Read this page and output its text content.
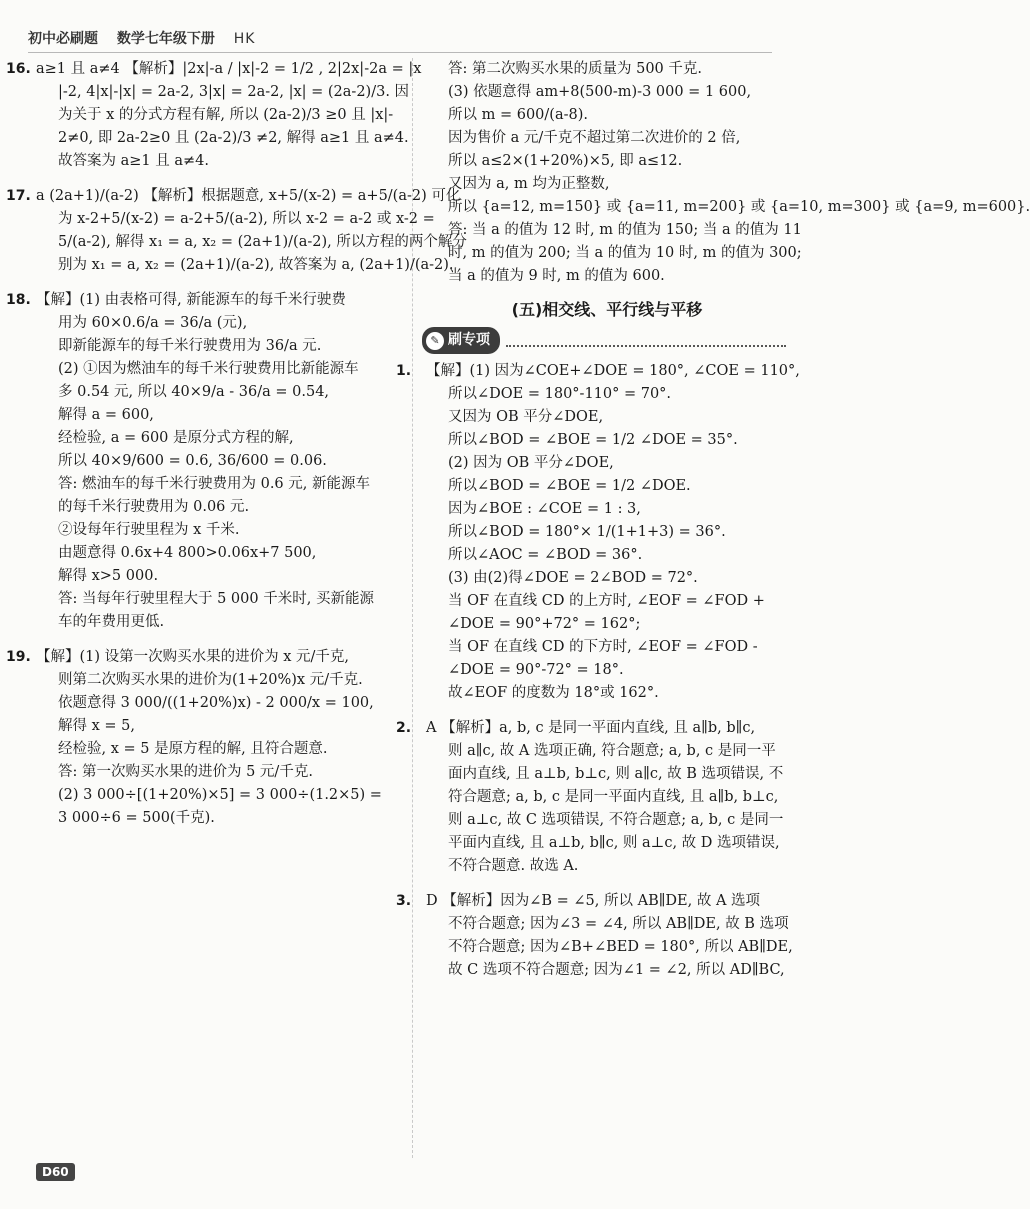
初中必刷题 数学七年级下册 HK
16. a≥1 且 a≠4 【解析】|2x|-a / |x|-2 = 1/2 , 2|2x|-2a = |x
|-2, 4|x|-|x| = 2a-2, 3|x| = 2a-2, |x| = (2a-2)/3. 因
为关于 x 的分式方程有解, 所以 (2a-2)/3 ≥0 且 |x|-
2≠0, 即 2a-2≥0 且 (2a-2)/3 ≠2, 解得 a≥1 且 a≠4.
故答案为 a≥1 且 a≠4.
17. a (2a+1)/(a-2) 【解析】根据题意, x+5/(x-2) = a+5/(a-2) 可化
为 x-2+5/(x-2) = a-2+5/(a-2), 所以 x-2 = a-2 或 x-2 =
5/(a-2), 解得 x₁ = a, x₂ = (2a+1)/(a-2), 所以方程的两个解分
别为 x₁ = a, x₂ = (2a+1)/(a-2), 故答案为 a, (2a+1)/(a-2).
18. 【解】(1) 由表格可得, 新能源车的每千米行驶费
用为 60×0.6/a = 36/a (元),
即新能源车的每千米行驶费用为 36/a 元.
(2) ①因为燃油车的每千米行驶费用比新能源车
多 0.54 元, 所以 40×9/a - 36/a = 0.54,
解得 a = 600,
经检验, a = 600 是原分式方程的解,
所以 40×9/600 = 0.6, 36/600 = 0.06.
答: 燃油车的每千米行驶费用为 0.6 元, 新能源车
的每千米行驶费用为 0.06 元.
②设每年行驶里程为 x 千米.
由题意得 0.6x+4 800>0.06x+7 500,
解得 x>5 000.
答: 当每年行驶里程大于 5 000 千米时, 买新能源
车的年费用更低.
19. 【解】(1) 设第一次购买水果的进价为 x 元/千克,
则第二次购买水果的进价为(1+20%)x 元/千克.
依题意得 3 000/((1+20%)x) - 2 000/x = 100,
解得 x = 5,
经检验, x = 5 是原方程的解, 且符合题意.
答: 第一次购买水果的进价为 5 元/千克.
(2) 3 000÷[(1+20%)×5] = 3 000÷(1.2×5) =
3 000÷6 = 500(千克).
答: 第二次购买水果的质量为 500 千克.
(3) 依题意得 am+8(500-m)-3 000 = 1 600,
所以 m = 600/(a-8).
因为售价 a 元/千克不超过第二次进价的 2 倍,
所以 a≤2×(1+20%)×5, 即 a≤12.
又因为 a, m 均为正整数,
所以 {a=12, m=150} 或 {a=11, m=200} 或 {a=10, m=300} 或 {a=9, m=600}.
答: 当 a 的值为 12 时, m 的值为 150; 当 a 的值为 11
时, m 的值为 200; 当 a 的值为 10 时, m 的值为 300;
当 a 的值为 9 时, m 的值为 600.
(五)相交线、平行线与平移
✎ 刷专项
1. 【解】(1) 因为∠COE+∠DOE = 180°, ∠COE = 110°,
所以∠DOE = 180°-110° = 70°.
又因为 OB 平分∠DOE,
所以∠BOD = ∠BOE = 1/2 ∠DOE = 35°.
(2) 因为 OB 平分∠DOE,
所以∠BOD = ∠BOE = 1/2 ∠DOE.
因为∠BOE : ∠COE = 1 : 3,
所以∠BOD = 180°× 1/(1+1+3) = 36°.
所以∠AOC = ∠BOD = 36°.
(3) 由(2)得∠DOE = 2∠BOD = 72°.
当 OF 在直线 CD 的上方时, ∠EOF = ∠FOD +
∠DOE = 90°+72° = 162°;
当 OF 在直线 CD 的下方时, ∠EOF = ∠FOD -
∠DOE = 90°-72° = 18°.
故∠EOF 的度数为 18°或 162°.
2. A 【解析】a, b, c 是同一平面内直线, 且 a∥b, b∥c,
则 a∥c, 故 A 选项正确, 符合题意; a, b, c 是同一平
面内直线, 且 a⊥b, b⊥c, 则 a∥c, 故 B 选项错误, 不
符合题意; a, b, c 是同一平面内直线, 且 a∥b, b⊥c,
则 a⊥c, 故 C 选项错误, 不符合题意; a, b, c 是同一
平面内直线, 且 a⊥b, b∥c, 则 a⊥c, 故 D 选项错误,
不符合题意. 故选 A.
3. D 【解析】因为∠B = ∠5, 所以 AB∥DE, 故 A 选项
不符合题意; 因为∠3 = ∠4, 所以 AB∥DE, 故 B 选项
不符合题意; 因为∠B+∠BED = 180°, 所以 AB∥DE,
故 C 选项不符合题意; 因为∠1 = ∠2, 所以 AD∥BC,
D60
